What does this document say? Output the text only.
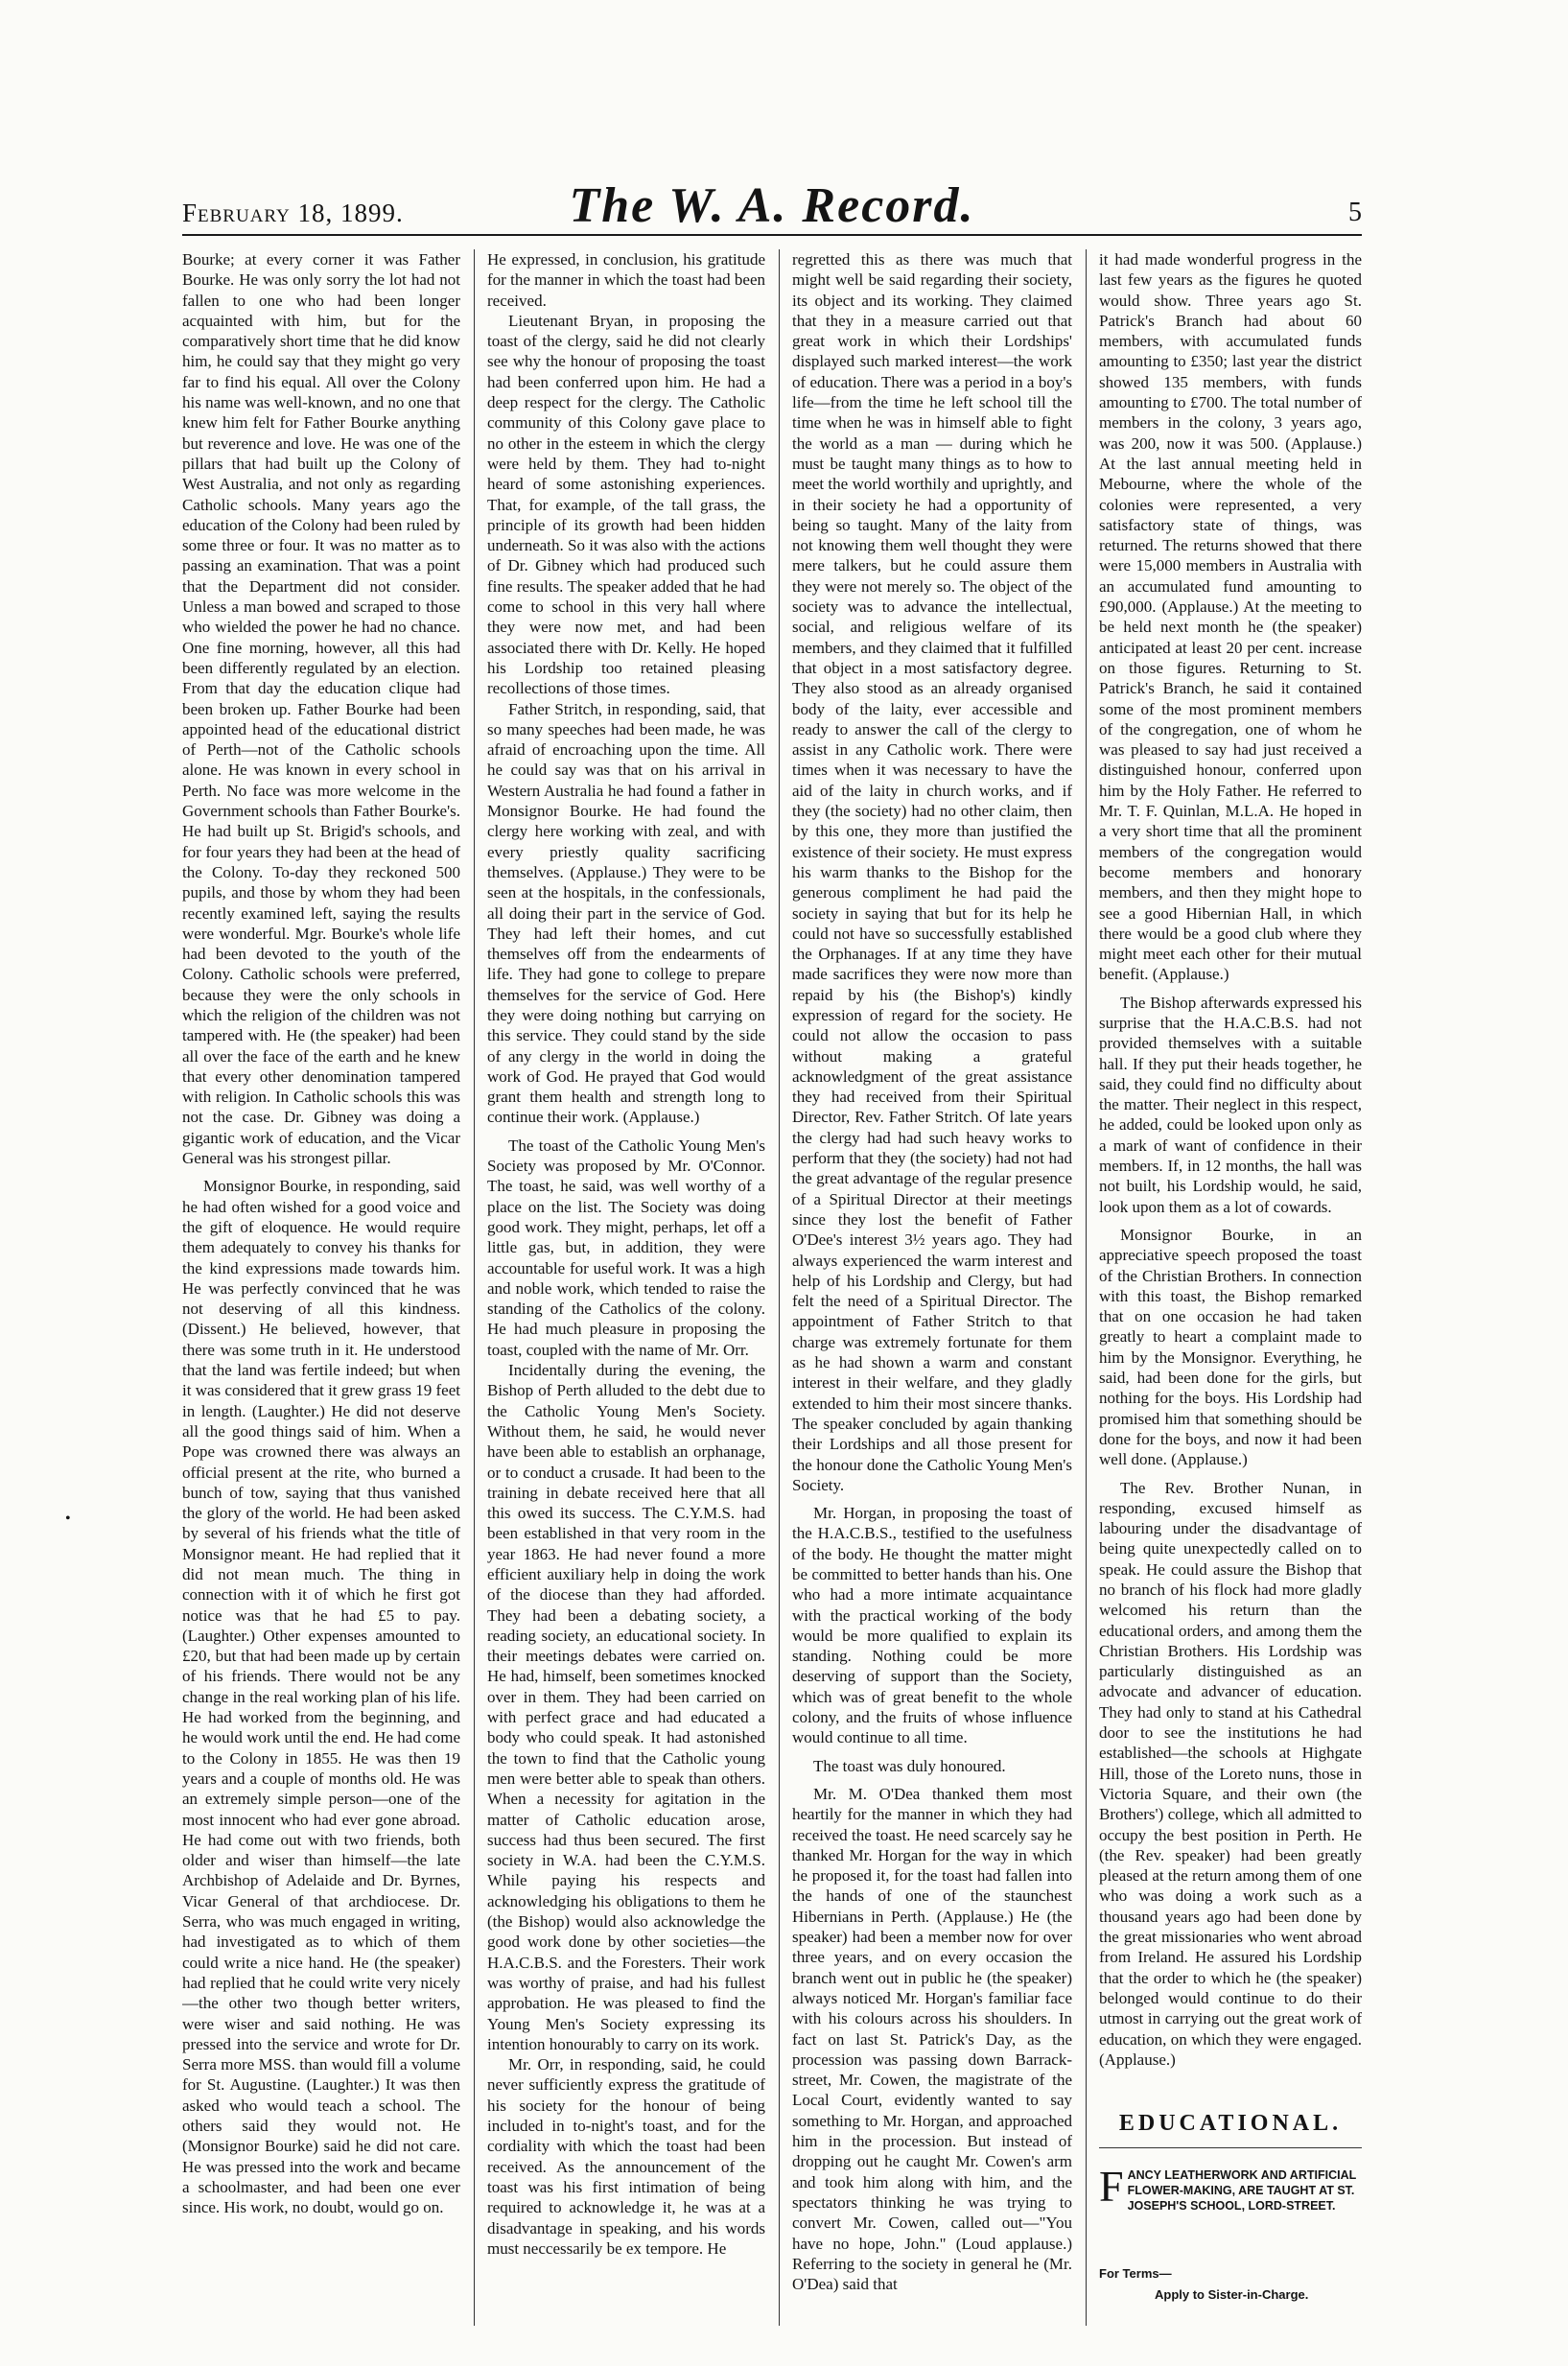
February 18, 1899.	The W. A. Record.	5
•

Bourke; at every corner it was Father Bourke. He was only sorry the lot had not fallen to one who had been longer acquainted with him, but for the comparatively short time that he did know him, he could say that they might go very far to find his equal. All over the Colony his name was well-known, and no one that knew him felt for Father Bourke anything but reverence and love. He was one of the pillars that had built up the Colony of West Australia, and not only as regarding Catholic schools. Many years ago the education of the Colony had been ruled by some three or four. It was no matter as to passing an examination. That was a point that the Department did not consider. Unless a man bowed and scraped to those who wielded the power he had no chance. One fine morning, however, all this had been differently regulated by an election. From that day the education clique had been broken up. Father Bourke had been appointed head of the educational district of Perth—not of the Catholic schools alone. He was known in every school in Perth. No face was more welcome in the Government schools than Father Bourke's. He had built up St. Brigid's schools, and for four years they had been at the head of the Colony. To-day they reckoned 500 pupils, and those by whom they had been recently examined left, saying the results were wonderful. Mgr. Bourke's whole life had been devoted to the youth of the Colony. Catholic schools were preferred, because they were the only schools in which the religion of the children was not tampered with. He (the speaker) had been all over the face of the earth and he knew that every other denomination tampered with religion. In Catholic schools this was not the case. Dr. Gibney was doing a gigantic work of education, and the Vicar General was his strongest pillar.

Monsignor Bourke, in responding, said he had often wished for a good voice and the gift of eloquence. He would require them adequately to convey his thanks for the kind expressions made towards him. He was perfectly convinced that he was not deserving of all this kindness. (Dissent.) He believed, however, that there was some truth in it. He understood that the land was fertile indeed; but when it was considered that it grew grass 19 feet in length. (Laughter.) He did not deserve all the good things said of him. When a Pope was crowned there was always an official present at the rite, who burned a bunch of tow, saying that thus vanished the glory of the world. He had been asked by several of his friends what the title of Monsignor meant. He had replied that it did not mean much. The thing in connection with it of which he first got notice was that he had £5 to pay. (Laughter.) Other expenses amounted to £20, but that had been made up by certain of his friends. There would not be any change in the real working plan of his life. He had worked from the beginning, and he would work until the end. He had come to the Colony in 1855. He was then 19 years and a couple of months old. He was an extremely simple person—one of the most innocent who had ever gone abroad. He had come out with two friends, both older and wiser than himself—the late Archbishop of Adelaide and Dr. Byrnes, Vicar General of that archdiocese. Dr. Serra, who was much engaged in writing, had investigated as to which of them could write a nice hand. He (the speaker) had replied that he could write very nicely—the other two though better writers, were wiser and said nothing. He was pressed into the service and wrote for Dr. Serra more MSS. than would fill a volume for St. Augustine. (Laughter.) It was then asked who would teach a school. The others said they would not. He (Monsignor Bourke) said he did not care. He was pressed into the work and became a schoolmaster, and had been one ever since. His work, no doubt, would go on.

He expressed, in conclusion, his gratitude for the manner in which the toast had been received.

Lieutenant Bryan, in proposing the toast of the clergy, said he did not clearly see why the honour of proposing the toast had been conferred upon him. He had a deep respect for the clergy. The Catholic community of this Colony gave place to no other in the esteem in which the clergy were held by them. They had to-night heard of some astonishing experiences. That, for example, of the tall grass, the principle of its growth had been hidden underneath. So it was also with the actions of Dr. Gibney which had produced such fine results. The speaker added that he had come to school in this very hall where they were now met, and had been associated there with Dr. Kelly. He hoped his Lordship too retained pleasing recollections of those times.

Father Stritch, in responding, said, that so many speeches had been made, he was afraid of encroaching upon the time. All he could say was that on his arrival in Western Australia he had found a father in Monsignor Bourke. He had found the clergy here working with zeal, and with every priestly quality sacrificing themselves. (Applause.) They were to be seen at the hospitals, in the confessionals, all doing their part in the service of God. They had left their homes, and cut themselves off from the endearments of life. They had gone to college to prepare themselves for the service of God. Here they were doing nothing but carrying on this service. They could stand by the side of any clergy in the world in doing the work of God. He prayed that God would grant them health and strength long to continue their work. (Applause.)

The toast of the Catholic Young Men's Society was proposed by Mr. O'Connor. The toast, he said, was well worthy of a place on the list. The Society was doing good work. They might, perhaps, let off a little gas, but, in addition, they were accountable for useful work. It was a high and noble work, which tended to raise the standing of the Catholics of the colony. He had much pleasure in proposing the toast, coupled with the name of Mr. Orr.

Incidentally during the evening, the Bishop of Perth alluded to the debt due to the Catholic Young Men's Society. Without them, he said, he would never have been able to establish an orphanage, or to conduct a crusade. It had been to the training in debate received here that all this owed its success. The C.Y.M.S. had been established in that very room in the year 1863. He had never found a more efficient auxiliary help in doing the work of the diocese than they had afforded. They had been a debating society, a reading society, an educational society. In their meetings debates were carried on. He had, himself, been sometimes knocked over in them. They had been carried on with perfect grace and had educated a body who could speak. It had astonished the town to find that the Catholic young men were better able to speak than others. When a necessity for agitation in the matter of Catholic education arose, success had thus been secured. The first society in W.A. had been the C.Y.M.S. While paying his respects and acknowledging his obligations to them he (the Bishop) would also acknowledge the good work done by other societies—the H.A.C.B.S. and the Foresters. Their work was worthy of praise, and had his fullest approbation. He was pleased to find the Young Men's Society expressing its intention honourably to carry on its work.

Mr. Orr, in responding, said, he could never sufficiently express the gratitude of his society for the honour of being included in to-night's toast, and for the cordiality with which the toast had been received. As the announcement of the toast was his first intimation of being required to acknowledge it, he was at a disadvantage in speaking, and his words must neccessarily be ex tempore. He

regretted this as there was much that might well be said regarding their society, its object and its working. They claimed that they in a measure carried out that great work in which their Lordships' displayed such marked interest—the work of education. There was a period in a boy's life—from the time he left school till the time when he was in himself able to fight the world as a man — during which he must be taught many things as to how to meet the world worthily and uprightly, and in their society he had a opportunity of being so taught. Many of the laity from not knowing them well thought they were mere talkers, but he could assure them they were not merely so. The object of the society was to advance the intellectual, social, and religious welfare of its members, and they claimed that it fulfilled that object in a most satisfactory degree. They also stood as an already organised body of the laity, ever accessible and ready to answer the call of the clergy to assist in any Catholic work. There were times when it was necessary to have the aid of the laity in church works, and if they (the society) had no other claim, then by this one, they more than justified the existence of their society. He must express his warm thanks to the Bishop for the generous compliment he had paid the society in saying that but for its help he could not have so successfully established the Orphanages. If at any time they have made sacrifices they were now more than repaid by his (the Bishop's) kindly expression of regard for the society. He could not allow the occasion to pass without making a grateful acknowledgment of the great assistance they had received from their Spiritual Director, Rev. Father Stritch. Of late years the clergy had had such heavy works to perform that they (the society) had not had the great advantage of the regular presence of a Spiritual Director at their meetings since they lost the benefit of Father O'Dee's interest 3½ years ago. They had always experienced the warm interest and help of his Lordship and Clergy, but had felt the need of a Spiritual Director. The appointment of Father Stritch to that charge was extremely fortunate for them as he had shown a warm and constant interest in their welfare, and they gladly extended to him their most sincere thanks. The speaker concluded by again thanking their Lordships and all those present for the honour done the Catholic Young Men's Society.

Mr. Horgan, in proposing the toast of the H.A.C.B.S., testified to the usefulness of the body. He thought the matter might be committed to better hands than his. One who had a more intimate acquaintance with the practical working of the body would be more qualified to explain its standing. Nothing could be more deserving of support than the Society, which was of great benefit to the whole colony, and the fruits of whose influence would continue to all time.

The toast was duly honoured.

Mr. M. O'Dea thanked them most heartily for the manner in which they had received the toast. He need scarcely say he thanked Mr. Horgan for the way in which he proposed it, for the toast had fallen into the hands of one of the staunchest Hibernians in Perth. (Applause.) He (the speaker) had been a member now for over three years, and on every occasion the branch went out in public he (the speaker) always noticed Mr. Horgan's familiar face with his colours across his shoulders. In fact on last St. Patrick's Day, as the procession was passing down Barrack-street, Mr. Cowen, the magistrate of the Local Court, evidently wanted to say something to Mr. Horgan, and approached him in the procession. But instead of dropping out he caught Mr. Cowen's arm and took him along with him, and the spectators thinking he was trying to convert Mr. Cowen, called out—"You have no hope, John." (Loud applause.) Referring to the society in general he (Mr. O'Dea) said that

it had made wonderful progress in the last few years as the figures he quoted would show. Three years ago St. Patrick's Branch had about 60 members, with accumulated funds amounting to £350; last year the district showed 135 members, with funds amounting to £700. The total number of members in the colony, 3 years ago, was 200, now it was 500. (Applause.) At the last annual meeting held in Mebourne, where the whole of the colonies were represented, a very satisfactory state of things, was returned. The returns showed that there were 15,000 members in Australia with an accumulated fund amounting to £90,000. (Applause.) At the meeting to be held next month he (the speaker) anticipated at least 20 per cent. increase on those figures. Returning to St. Patrick's Branch, he said it contained some of the most prominent members of the congregation, one of whom he was pleased to say had just received a distinguished honour, conferred upon him by the Holy Father. He referred to Mr. T. F. Quinlan, M.L.A. He hoped in a very short time that all the prominent members of the congregation would become members and honorary members, and then they might hope to see a good Hibernian Hall, in which there would be a good club where they might meet each other for their mutual benefit. (Applause.)

The Bishop afterwards expressed his surprise that the H.A.C.B.S. had not provided themselves with a suitable hall. If they put their heads together, he said, they could find no difficulty about the matter. Their neglect in this respect, he added, could be looked upon only as a mark of want of confidence in their members. If, in 12 months, the hall was not built, his Lordship would, he said, look upon them as a lot of cowards.

Monsignor Bourke, in an appreciative speech proposed the toast of the Christian Brothers. In connection with this toast, the Bishop remarked that on one occasion he had taken greatly to heart a complaint made to him by the Monsignor. Everything, he said, had been done for the girls, but nothing for the boys. His Lordship had promised him that something should be done for the boys, and now it had been well done. (Applause.)

The Rev. Brother Nunan, in responding, excused himself as labouring under the disadvantage of being quite unexpectedly called on to speak. He could assure the Bishop that no branch of his flock had more gladly welcomed his return than the educational orders, and among them the Christian Brothers. His Lordship was particularly distinguished as an advocate and advancer of education. They had only to stand at his Cathedral door to see the institutions he had established—the schools at Highgate Hill, those of the Loreto nuns, those in Victoria Square, and their own (the Brothers') college, which all admitted to occupy the best position in Perth. He (the Rev. speaker) had been greatly pleased at the return among them of one who was doing a work such as a thousand years ago had been done by the great missionaries who went abroad from Ireland. He assured his Lordship that the order to which he (the speaker) belonged would continue to do their utmost in carrying out the great work of education, on which they were engaged. (Applause.)

EDUCATIONAL.
F ANCY LEATHERWORK AND ARTIFICIAL FLOWER-MAKING, ARE TAUGHT AT ST. JOSEPH'S SCHOOL, LORD-STREET.
For Terms—
Apply to Sister-in-Charge.
